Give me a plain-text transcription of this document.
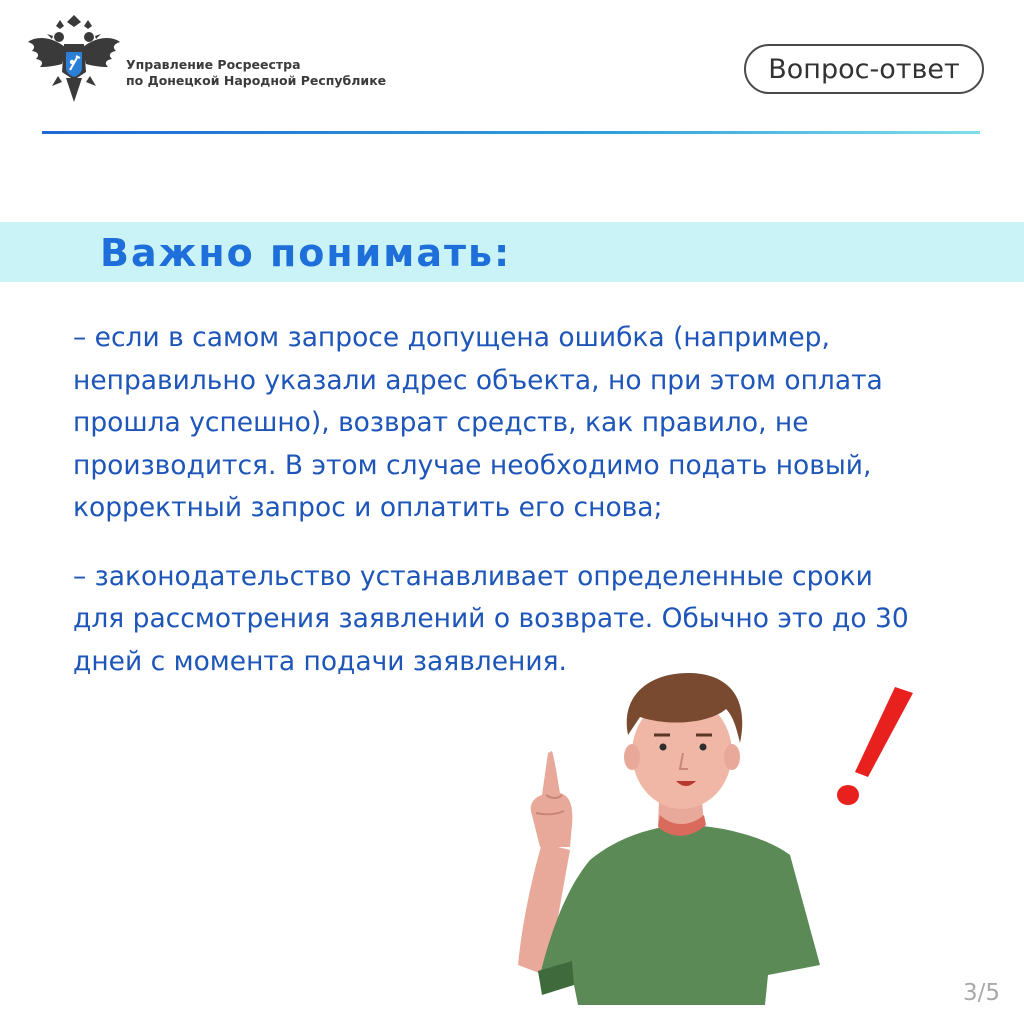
Управление Росреестра
по Донецкой Народной Республике	Вопрос-ответ
Важно понимать:

– если в самом запросе допущена ошибка (например,
неправильно указали адрес объекта, но при этом оплата
прошла успешно), возврат средств, как правило, не
производится. В этом случае необходимо подать новый,
корректный запрос и оплатить его снова;

– законодательство устанавливает определенные сроки
для рассмотрения заявлений о возврате. Обычно это до 30
дней с момента подачи заявления.

3/5
